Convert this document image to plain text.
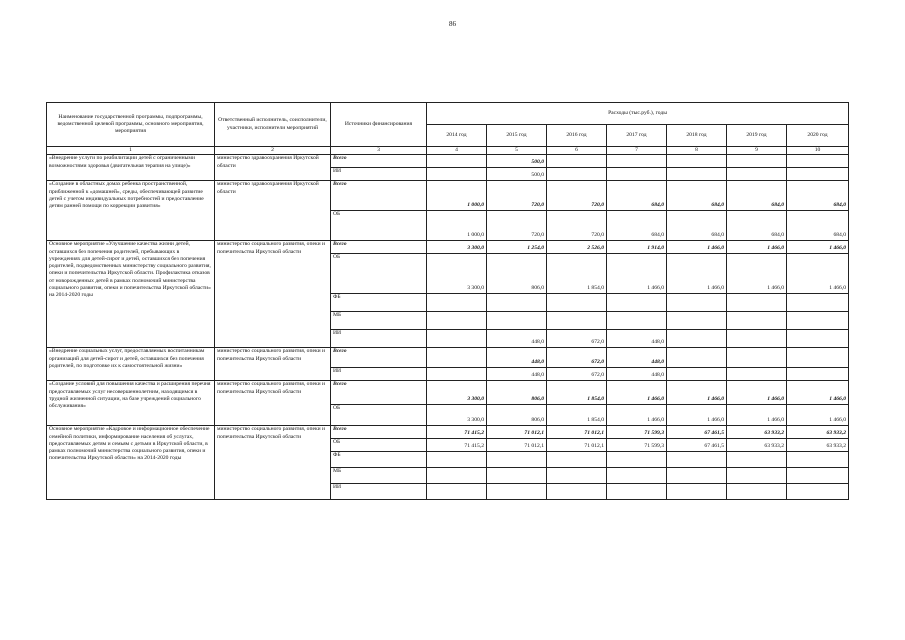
86
Наименование государственной программы, подпрограммы, ведомственной целевой программы, основного мероприятия, мероприятия	Ответственный исполнитель, соисполнители, участники, исполнители мероприятий	Источники финансирования	Расходы (тыс.руб.), годы						
			2014 год	2015 год	2016 год	2017 год	2018 год	2019 год	2020 год
1	2	3	4	5	6	7	8	9	10
«Внедрение услуги по реабилитации детей с ограниченными возможностями здоровья (двигательная терапия на улице)»	министерство здравоохранения Иркутской области	Всего		500,0					
		ИИ		500,0					
«Создание в областных домах ребенка пространственной, приближенной к «домашней», среды, обеспечивающей развитие детей с учетом индивидуальных потребностей и предоставление детям ранней помощи по коррекции развития»	министерство здравоохранения Иркутской области	Всего	1 000,0	720,0	720,0	684,0	684,0	684,0	684,0
		ОБ	1 000,0	720,0	720,0	684,0	684,0	684,0	684,0
Основное мероприятие «Улучшение качества жизни детей, оставшихся без попечения родителей, пребывающих в учреждениях для детей-сирот и детей, оставшихся без попечения родителей, подведомственных министерству социального развития, опеки и попечительства Иркутской области. Профилактика отказов от новорожденных детей в рамках полномочий министерства социального развития, опеки и попечительства Иркутской области» на 2014-2020 годы	министерство социального развития, опеки и попечительства Иркутской области	Всего	3 300,0	1 254,0	2 526,0	1 914,0	1 466,0	1 466,0	1 466,0
		ОБ	3 300,0	806,0	1 854,0	1 466,0	1 466,0	1 466,0	1 466,0
		ФБ							
		МБ							
		ИИ		448,0	672,0	448,0			
«Внедрение социальных услуг, предоставляемых воспитанникам организаций для детей-сирот и детей, оставшихся без попечения родителей, по подготовке их к самостоятельной жизни»	министерство социального развития, опеки и попечительства Иркутской области	Всего		448,0	672,0	448,0			
		ИИ		448,0	672,0	448,0			
«Создание условий для повышения качества и расширения перечня предоставляемых услуг несовершеннолетним, находящимся в трудной жизненной ситуации, на базе учреждений социального обслуживания»	министерство социального развития, опеки и попечительства Иркутской области	Всего	3 300,0	806,0	1 854,0	1 466,0	1 466,0	1 466,0	1 466,0
		ОБ	3 300,0	806,0	1 854,0	1 466,0	1 466,0	1 466,0	1 466,0
Основное мероприятие «Кадровое и информационное обеспечение семейной политики, информирование населения об услугах, предоставляемых детям и семьям с детьми в Иркутской области, в рамках полномочий министерства социального развития, опеки и попечительства Иркутской области» на 2014-2020 годы	министерство социального развития, опеки и попечительства Иркутской области	Всего	71 415,2	71 012,1	71 012,1	71 599,3	67 461,5	63 933,2	63 933,2
		ОБ	71 415,2	71 012,1	71 012,1	71 599,3	67 461,5	63 933,2	63 933,2
		ФБ							
		МБ							
		ИИ							
